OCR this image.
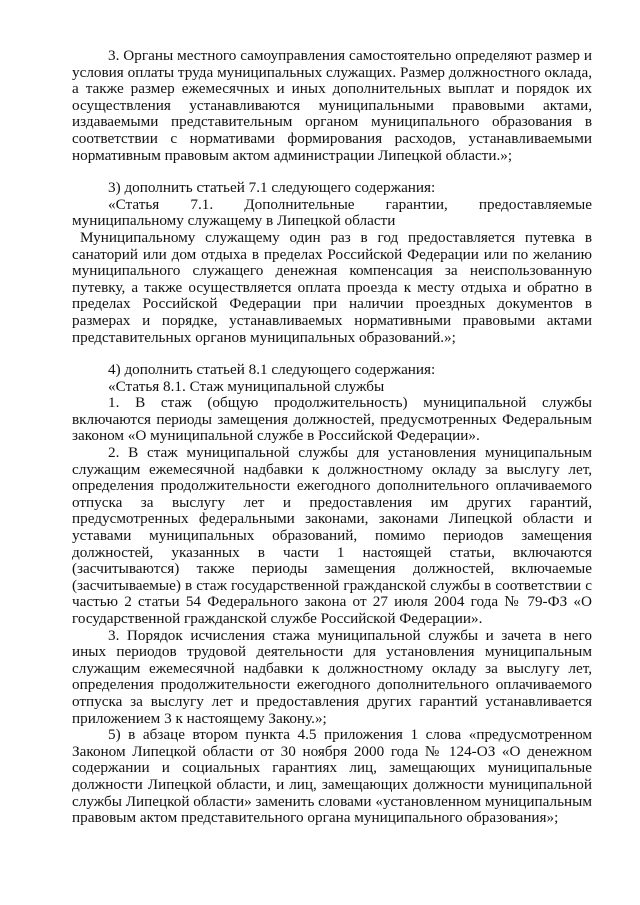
3. Органы местного самоуправления самостоятельно определяют размер и условия оплаты труда муниципальных служащих. Размер должностного оклада, а также размер ежемесячных и иных дополнительных выплат и порядок их осуществления устанавливаются муниципальными правовыми актами, издаваемыми представительным органом муниципального образования в соответствии с нормативами формирования расходов, устанавливаемыми нормативным правовым актом администрации Липецкой области.»;

3) дополнить статьей 7.1 следующего содержания:

«Статья 7.1. Дополнительные гарантии, предоставляемые муниципальному служащему в Липецкой области

Муниципальному служащему один раз в год предоставляется путевка в санаторий или дом отдыха в пределах Российской Федерации или по желанию муниципального служащего денежная компенсация за неиспользованную путевку, а также осуществляется оплата проезда к месту отдыха и обратно в пределах Российской Федерации при наличии проездных документов в размерах и порядке, устанавливаемых нормативными правовыми актами представительных органов муниципальных образований.»;

4) дополнить статьей 8.1 следующего содержания:

«Статья 8.1. Стаж муниципальной службы

1. В стаж (общую продолжительность) муниципальной службы включаются периоды замещения должностей, предусмотренных Федеральным законом «О муниципальной службе в Российской Федерации».

2. В стаж муниципальной службы для установления муниципальным служащим ежемесячной надбавки к должностному окладу за выслугу лет, определения продолжительности ежегодного дополнительного оплачиваемого отпуска за выслугу лет и предоставления им других гарантий, предусмотренных федеральными законами, законами Липецкой области и уставами муниципальных образований, помимо периодов замещения должностей, указанных в части 1 настоящей статьи, включаются (засчитываются) также периоды замещения должностей, включаемые (засчитываемые) в стаж государственной гражданской службы в соответствии с частью 2 статьи 54 Федерального закона от 27 июля 2004 года № 79-ФЗ «О государственной гражданской службе Российской Федерации».

3. Порядок исчисления стажа муниципальной службы и зачета в него иных периодов трудовой деятельности для установления муниципальным служащим ежемесячной надбавки к должностному окладу за выслугу лет, определения продолжительности ежегодного дополнительного оплачиваемого отпуска за выслугу лет и предоставления других гарантий устанавливается приложением 3 к настоящему Закону.»;

5) в абзаце втором пункта 4.5 приложения 1 слова «предусмотренном Законом Липецкой области от 30 ноября 2000 года № 124-ОЗ «О денежном содержании и социальных гарантиях лиц, замещающих муниципальные должности Липецкой области, и лиц, замещающих должности муниципальной службы Липецкой области» заменить словами «установленном муниципальным правовым актом представительного органа муниципального образования»;
